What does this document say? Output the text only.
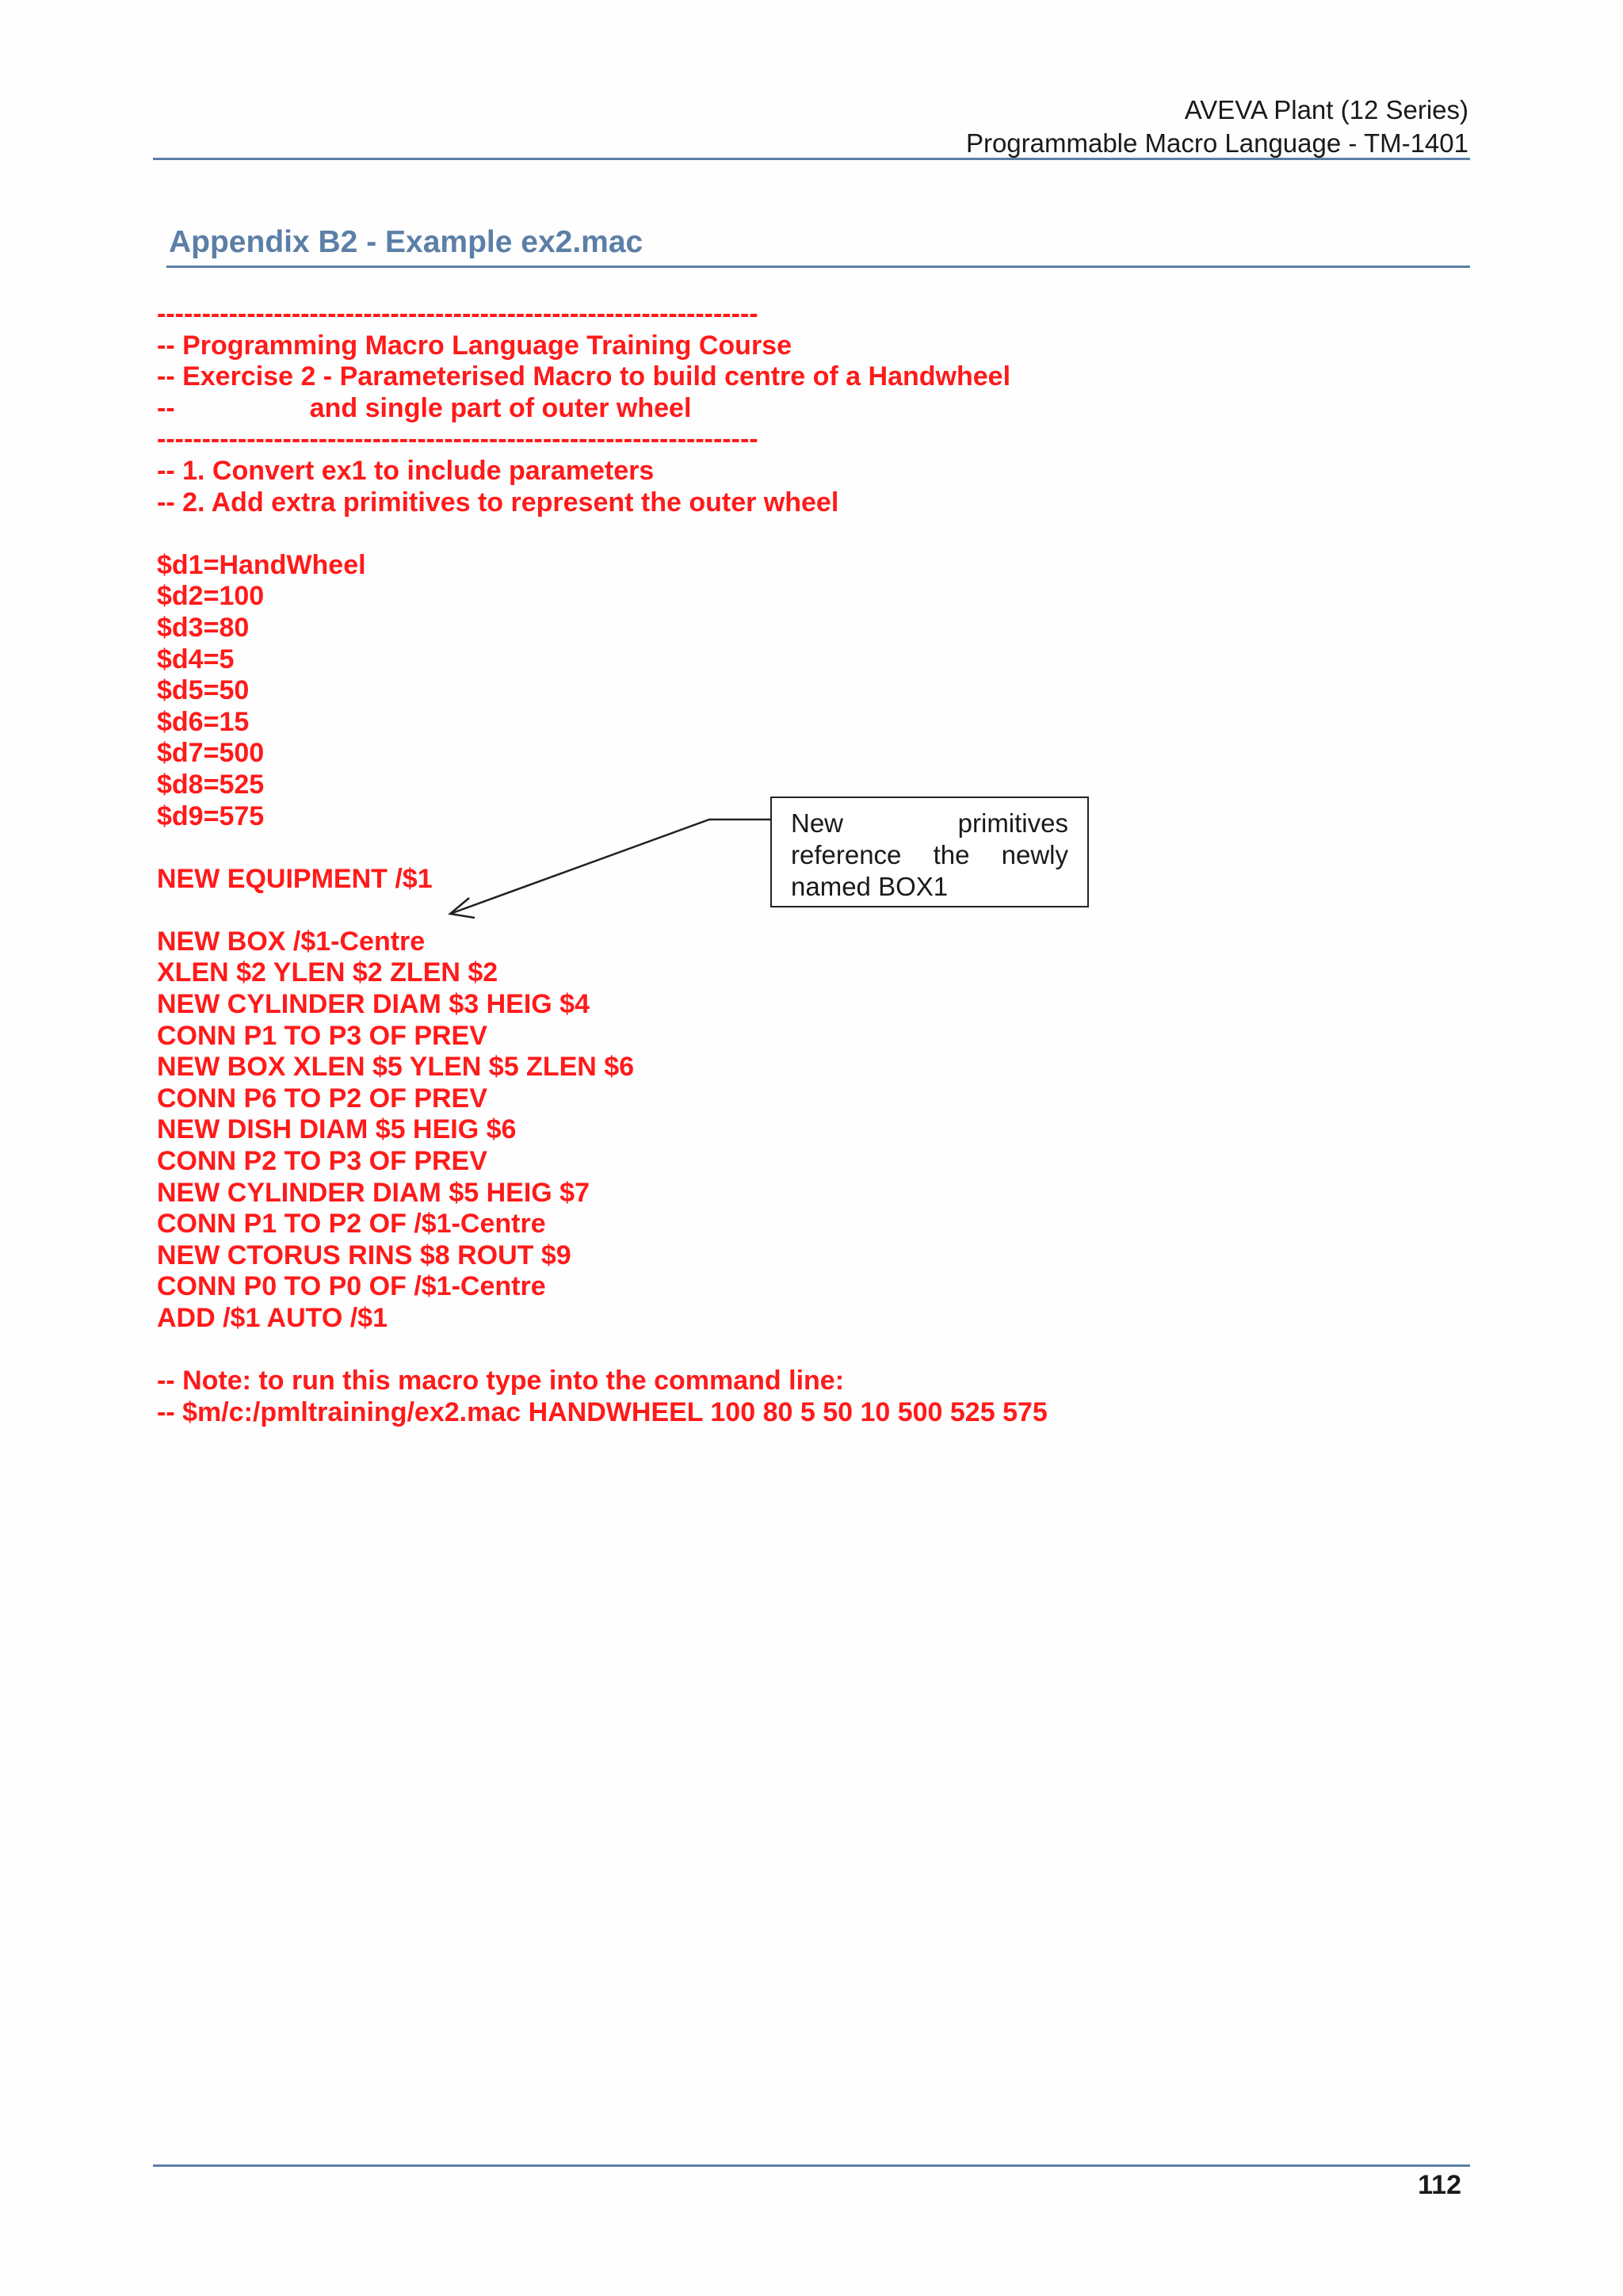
AVEVA Plant (12 Series)
Programmable Macro Language - TM-1401
Appendix B2 - Example ex2.mac
-------------------------------------------------------------------
-- Programming Macro Language Training Course
-- Exercise 2 - Parameterised Macro to build centre of a Handwheel
--                  and single part of outer wheel
-------------------------------------------------------------------
-- 1. Convert ex1 to include parameters
-- 2. Add extra primitives to represent the outer wheel
$d1=HandWheel
$d2=100
$d3=80
$d4=5
$d5=50
$d6=15
$d7=500
$d8=525
$d9=575
NEW EQUIPMENT /$1
NEW BOX /$1-Centre
XLEN $2 YLEN $2 ZLEN $2
NEW CYLINDER DIAM $3 HEIG $4
CONN P1 TO P3 OF PREV
NEW BOX XLEN $5 YLEN $5 ZLEN $6
CONN P6 TO P2 OF PREV
NEW DISH DIAM $5 HEIG $6
CONN P2 TO P3 OF PREV
NEW CYLINDER DIAM $5 HEIG $7
CONN P1 TO P2 OF /$1-Centre
NEW CTORUS RINS $8 ROUT $9
CONN P0 TO P0 OF /$1-Centre
ADD /$1 AUTO /$1
-- Note: to run this macro type into the command line:
-- $m/c:/pmltraining/ex2.mac HANDWHEEL 100 80 5 50 10 500 525 575
New	primitives
reference the newly
named BOX1
112
